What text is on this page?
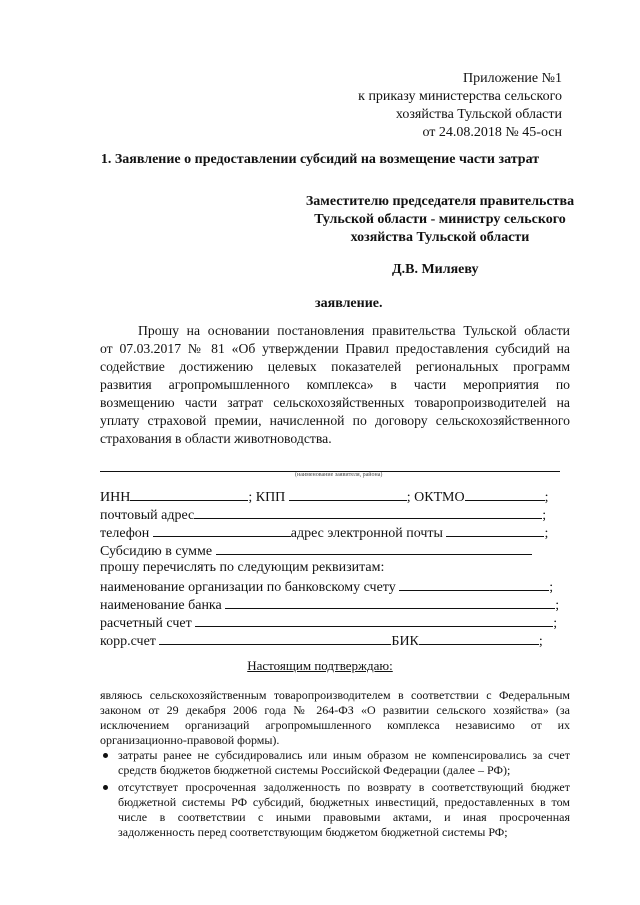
Приложение №1
к приказу министерства сельского
хозяйства Тульской области
от 24.08.2018 № 45-осн
1. Заявление о предоставлении субсидий на возмещение части затрат
Заместителю председателя правительства
Тульской области - министру сельского
хозяйства Тульской области
Д.В. Миляеву
заявление.
Прошу на основании постановления правительства Тульской области
от 07.03.2017 № 81 «Об утверждении Правил предоставления субсидий на
содействие достижению целевых показателей региональных программ
развития агропромышленного комплекса» в части мероприятия по
возмещению части затрат сельскохозяйственных товаропроизводителей на
уплату страховой премии, начисленной по договору сельскохозяйственного
страхования в области животноводства.
(наименование заявителя, района)
ИНН	; КПП	; ОКТМО	;
почтовый адрес	;
телефон	адрес электронной почты	;
Субсидию в сумме
прошу перечислять по следующим реквизитам:
наименование организации по банковскому счету	;
наименование банка	;
расчетный счет	;
корр.счет	БИК	;
Настоящим подтверждаю:
являюсь сельскохозяйственным товаропроизводителем в соответствии с Федеральным
законом от 29 декабря 2006 года № 264-ФЗ «О развитии сельского хозяйства» (за
исключением организаций агропромышленного комплекса независимо от их
организационно-правовой формы).
затраты ранее не субсидировались или иным образом не компенсировались за счет
средств бюджетов бюджетной системы Российской Федерации (далее – РФ);
отсутствует просроченная задолженность по возврату в соответствующий бюджет
бюджетной системы РФ субсидий, бюджетных инвестиций, предоставленных в том
числе в соответствии с иными правовыми актами, и иная просроченная
задолженность перед соответствующим бюджетом бюджетной системы РФ;
